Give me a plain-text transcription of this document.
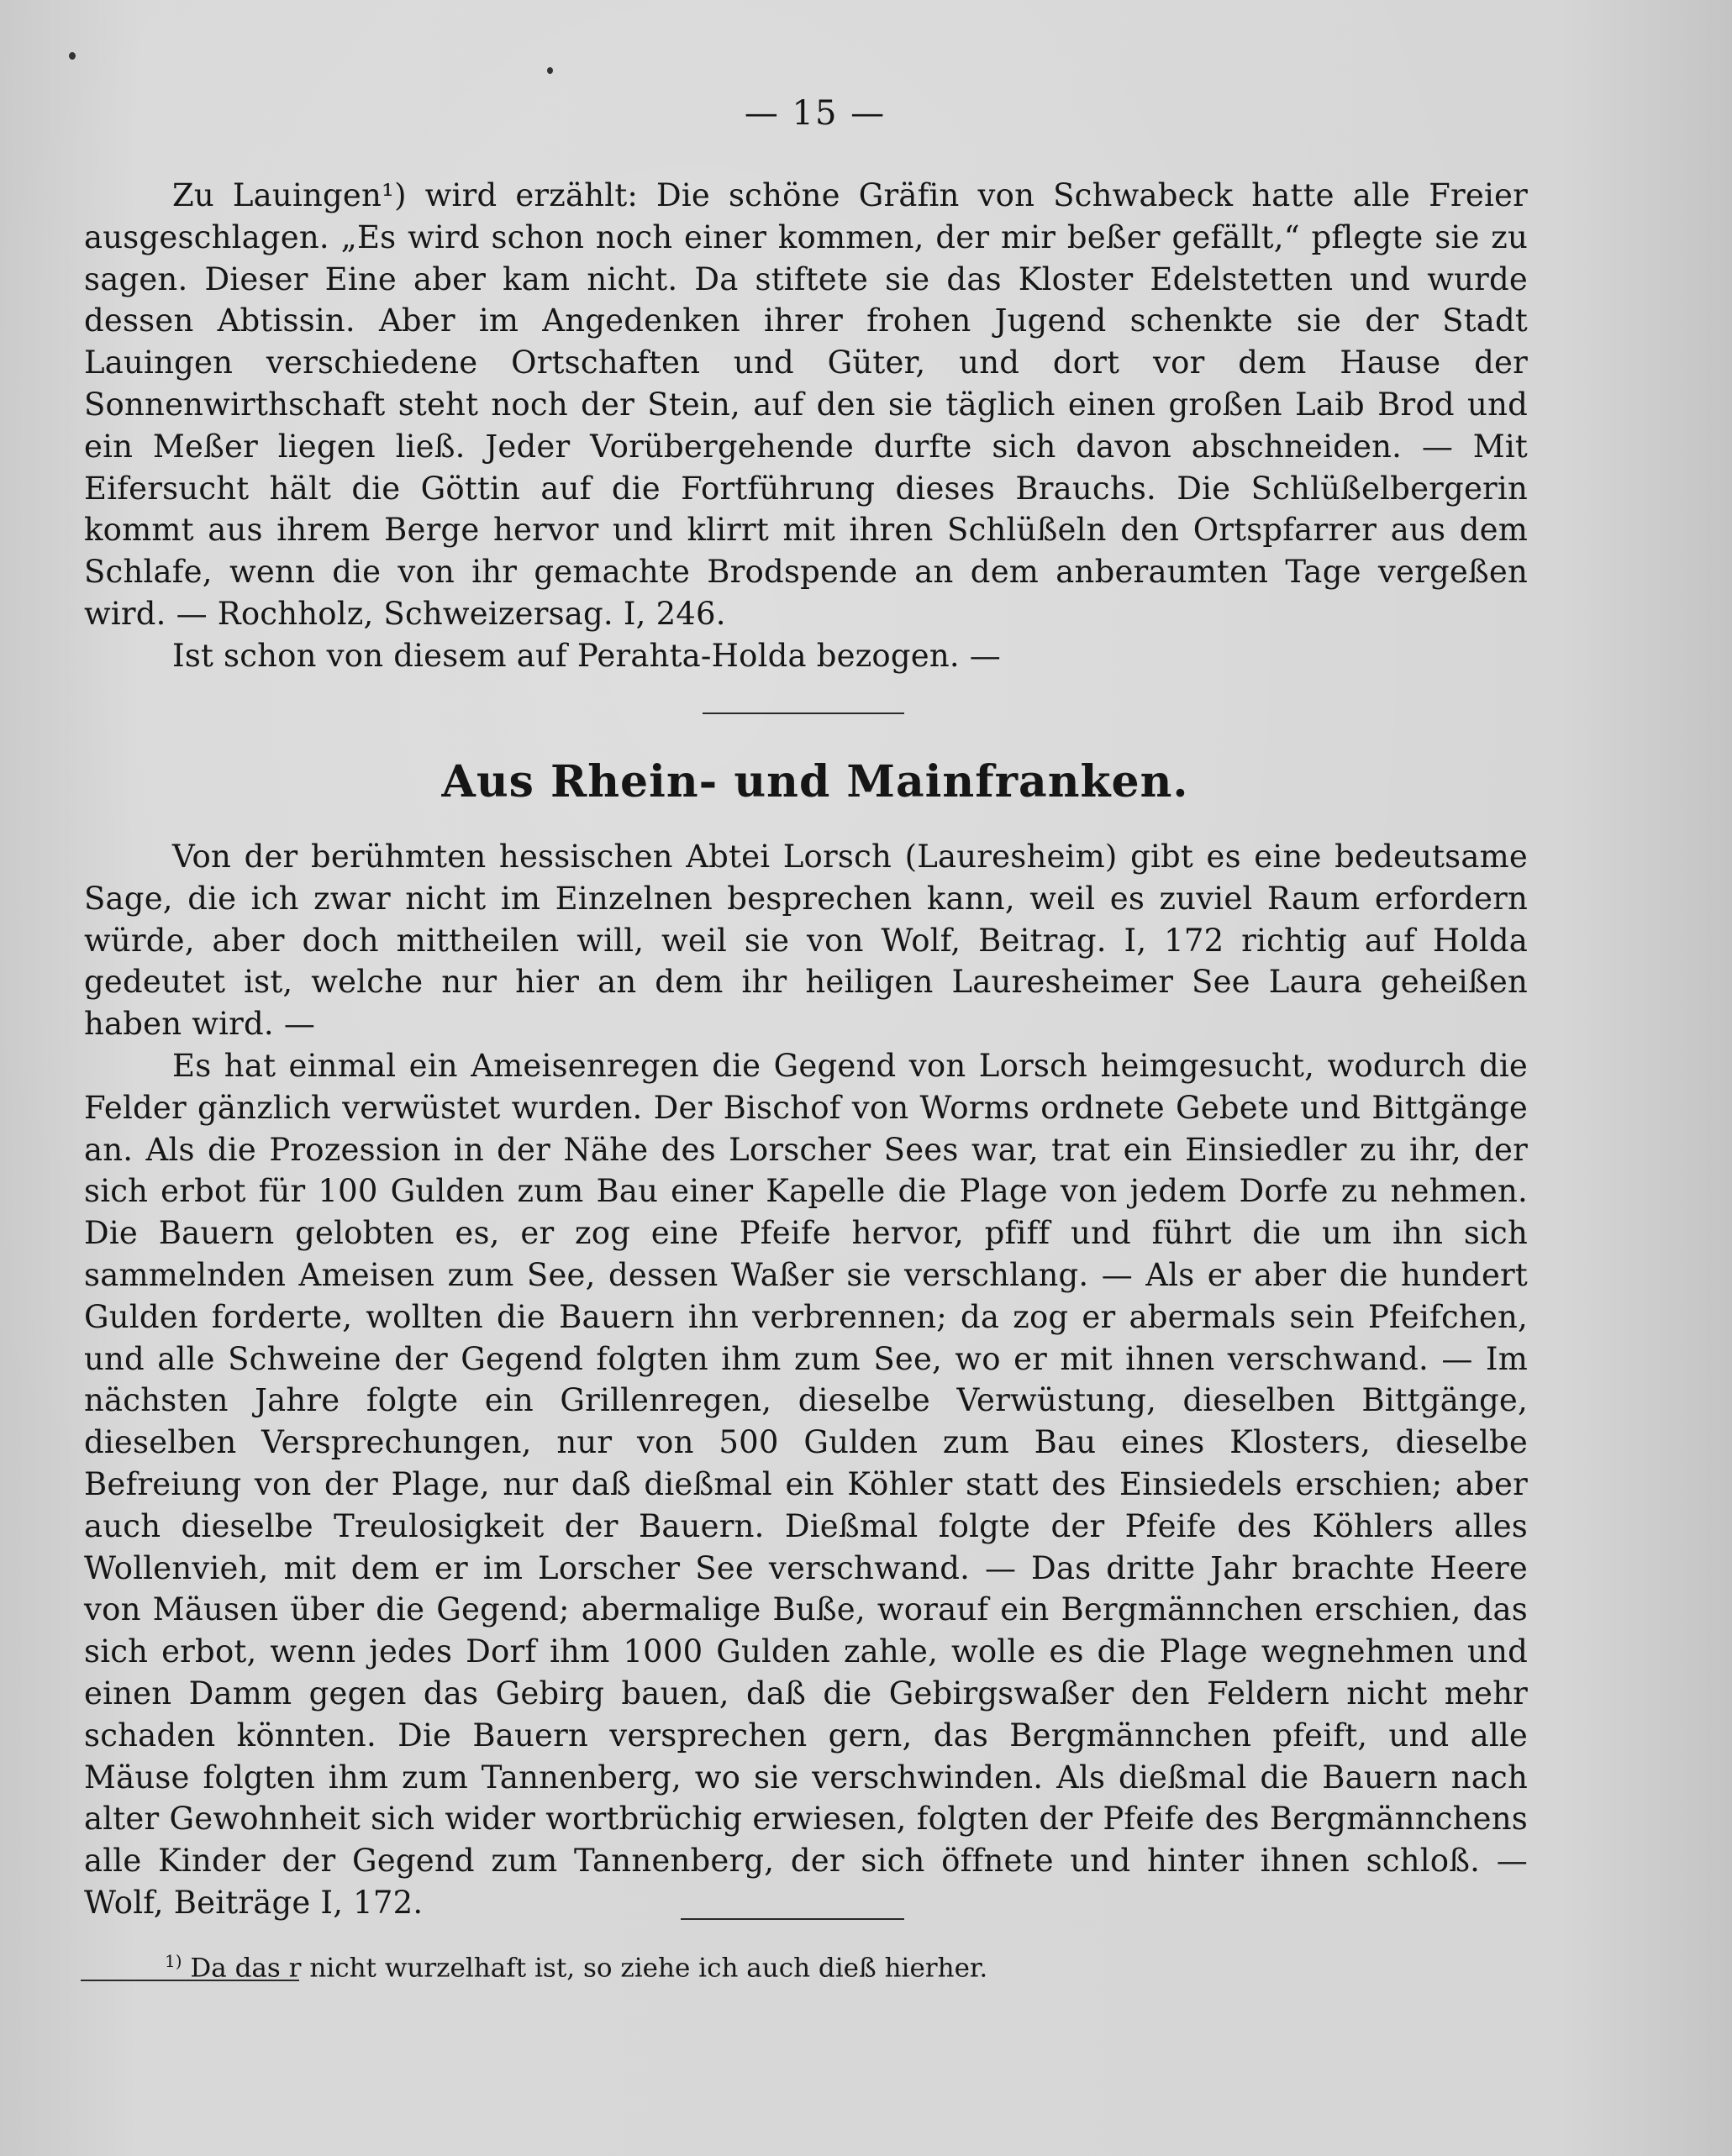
— 15 —

Zu Lauingen¹) wird erzählt: Die schöne Gräfin von Schwabeck hatte alle Freier ausgeschlagen. „Es wird schon noch einer kommen, der mir beßer gefällt,“ pflegte sie zu sagen. Dieser Eine aber kam nicht. Da stiftete sie das Kloster Edelstetten und wurde dessen Abtissin. Aber im Angedenken ihrer frohen Jugend schenkte sie der Stadt Lauingen verschiedene Ortschaften und Güter, und dort vor dem Hause der Sonnenwirthschaft steht noch der Stein, auf den sie täglich einen großen Laib Brod und ein Meßer liegen ließ. Jeder Vorübergehende durfte sich davon abschneiden. — Mit Eifersucht hält die Göttin auf die Fortführung dieses Brauchs. Die Schlüßelbergerin kommt aus ihrem Berge hervor und klirrt mit ihren Schlüßeln den Ortspfarrer aus dem Schlafe, wenn die von ihr gemachte Brodspende an dem anberaumten Tage vergeßen wird. — Rochholz, Schweizersag. I, 246.

Ist schon von diesem auf Perahta-Holda bezogen. —

Aus Rhein- und Mainfranken.

Von der berühmten hessischen Abtei Lorsch (Lauresheim) gibt es eine bedeutsame Sage, die ich zwar nicht im Einzelnen besprechen kann, weil es zuviel Raum erfordern würde, aber doch mittheilen will, weil sie von Wolf, Beitrag. I, 172 richtig auf Holda gedeutet ist, welche nur hier an dem ihr heiligen Lauresheimer See Laura geheißen haben wird. —

Es hat einmal ein Ameisenregen die Gegend von Lorsch heimgesucht, wodurch die Felder gänzlich verwüstet wurden. Der Bischof von Worms ordnete Gebete und Bittgänge an. Als die Prozession in der Nähe des Lorscher Sees war, trat ein Einsiedler zu ihr, der sich erbot für 100 Gulden zum Bau einer Kapelle die Plage von jedem Dorfe zu nehmen. Die Bauern gelobten es, er zog eine Pfeife hervor, pfiff und führt die um ihn sich sammelnden Ameisen zum See, dessen Waßer sie verschlang. — Als er aber die hundert Gulden forderte, wollten die Bauern ihn verbrennen; da zog er abermals sein Pfeifchen, und alle Schweine der Gegend folgten ihm zum See, wo er mit ihnen verschwand. — Im nächsten Jahre folgte ein Grillenregen, dieselbe Verwüstung, dieselben Bittgänge, dieselben Versprechungen, nur von 500 Gulden zum Bau eines Klosters, dieselbe Befreiung von der Plage, nur daß dießmal ein Köhler statt des Einsiedels erschien; aber auch dieselbe Treulosigkeit der Bauern. Dießmal folgte der Pfeife des Köhlers alles Wollenvieh, mit dem er im Lorscher See verschwand. — Das dritte Jahr brachte Heere von Mäusen über die Gegend; abermalige Buße, worauf ein Bergmännchen erschien, das sich erbot, wenn jedes Dorf ihm 1000 Gulden zahle, wolle es die Plage wegnehmen und einen Damm gegen das Gebirg bauen, daß die Gebirgswaßer den Feldern nicht mehr schaden könnten. Die Bauern versprechen gern, das Bergmännchen pfeift, und alle Mäuse folgten ihm zum Tannenberg, wo sie verschwinden. Als dießmal die Bauern nach alter Gewohnheit sich wider wortbrüchig erwiesen, folgten der Pfeife des Bergmännchens alle Kinder der Gegend zum Tannenberg, der sich öffnete und hinter ihnen schloß. — Wolf, Beiträge I, 172.

$^{1)}$ Da das r nicht wurzelhaft ist, so ziehe ich auch dieß hierher.
